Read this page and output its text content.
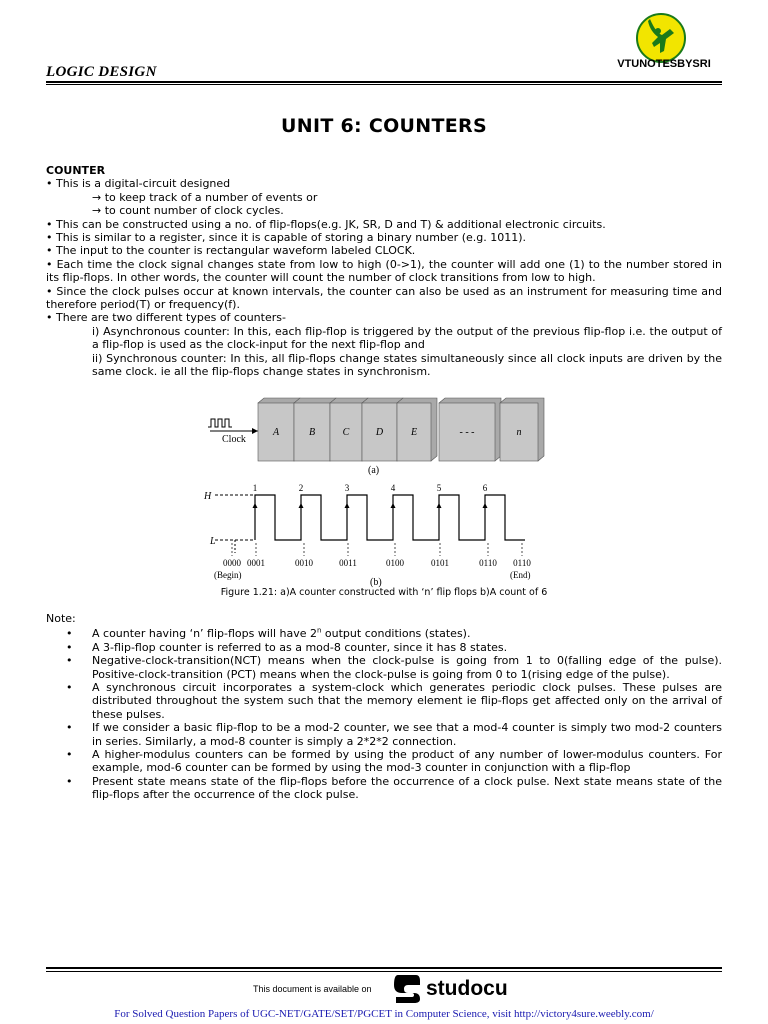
LOGIC DESIGN	VTUNOTESBYSRI
UNIT 6: COUNTERS

COUNTER

• This is a digital-circuit designed

→ to keep track of a number of events or

→ to count number of clock cycles.

• This can be constructed using a no. of flip-flops(e.g. JK, SR, D and T) & additional electronic circuits.

• This is similar to a register, since it is capable of storing a binary number (e.g. 1011).

• The input to the counter is rectangular waveform labeled CLOCK.

• Each time the clock signal changes state from low to high (0->1), the counter will add one (1) to the number stored in its flip-flops. In other words, the counter will count the number of clock transitions from low to high.

• Since the clock pulses occur at known intervals, the counter can also be used as an instrument for measuring time and therefore period(T) or frequency(f).

• There are two different types of counters-

i) Asynchronous counter: In this, each flip-flop is triggered by the output of the previous flip-flop i.e. the output of a flip-flop is used as the clock-input for the next flip-flop and

ii) Synchronous counter: In this, all flip-flops change states simultaneously since all clock inputs are driven by the same clock. ie all the flip-flops change states in synchronism.

Clock
A	B	C	D	E	- - -	n
(a)
H
L
1	2	3	4	5	6
0000 0001	0010	0011	0100	0101	0110 0110
(b)
(Begin)	(End)
Figure 1.21: a)A counter constructed with ‘n’ flip flops b)A count of 6

Note:

• A counter having ‘n’ flip-flops will have 2$^n$ output conditions (states).
• A 3-flip-flop counter is referred to as a mod-8 counter, since it has 8 states.
• Negative-clock-transition(NCT) means when the clock-pulse is going from 1 to 0(falling edge of the pulse). Positive-clock-transition (PCT) means when the clock-pulse is going from 0 to 1(rising edge of the pulse).
• A synchronous circuit incorporates a system-clock which generates periodic clock pulses. These pulses are distributed throughout the system such that the memory element ie flip-flops get affected only on the arrival of these pulses.
• If we consider a basic flip-flop to be a mod-2 counter, we see that a mod-4 counter is simply two mod-2 counters in series. Similarly, a mod-8 counter is simply a 2*2*2 connection.
• A higher-modulus counters can be formed by using the product of any number of lower-modulus counters. For example, mod-6 counter can be formed by using the mod-3 counter in conjunction with a flip-flop
• Present state means state of the flip-flops before the occurrence of a clock pulse. Next state means state of the flip-flops after the occurrence of the clock pulse.
This document is available on	studocu
For Solved Question Papers of UGC-NET/GATE/SET/PGCET in Computer Science, visit http://victory4sure.weebly.com/
